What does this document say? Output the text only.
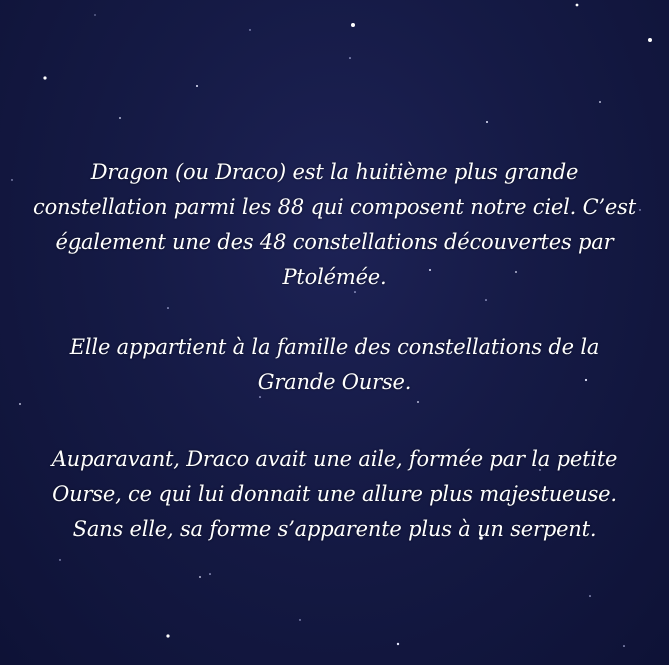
Dragon (ou Draco) est la huitième plus grande constellation parmi les 88 qui composent notre ciel. C’est également une des 48 constellations découvertes par Ptolémée.

Elle appartient à la famille des constellations de la Grande Ourse.

Auparavant, Draco avait une aile, formée par la petite Ourse, ce qui lui donnait une allure plus majestueuse. Sans elle, sa forme s’apparente plus à un serpent.
